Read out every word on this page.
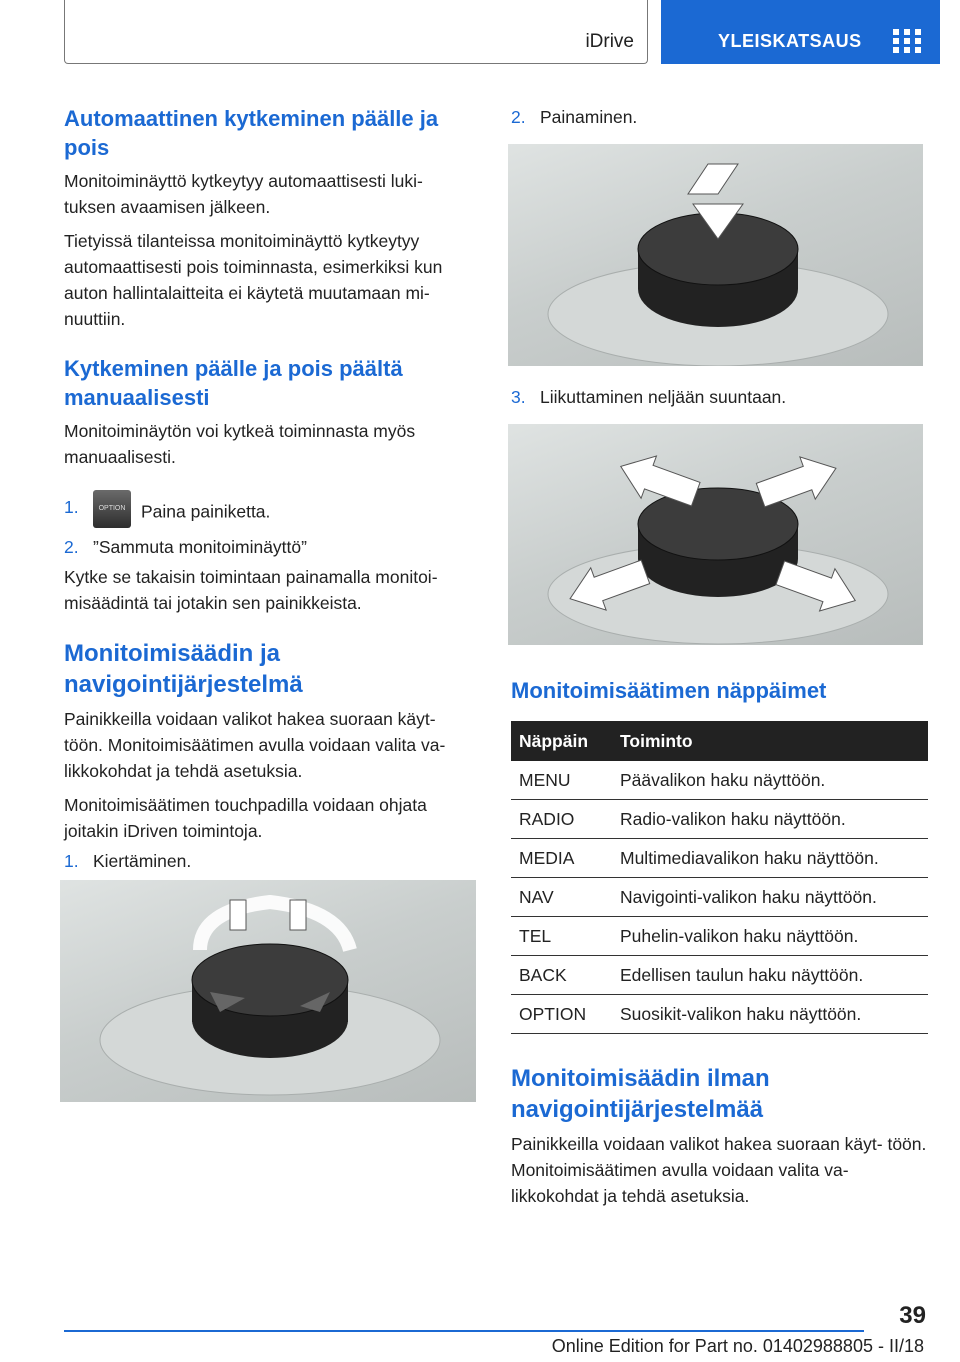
iDrive	YLEISKATSAUS
Automaattinen kytkeminen päälle ja pois

Monitoiminäyttö kytkeytyy automaattisesti luki- tuksen avaamisen jälkeen.

Tietyissä tilanteissa monitoiminäyttö kytkeytyy automaattisesti pois toiminnasta, esimerkiksi kun auton hallintalaitteita ei käytetä muutamaan mi- nuuttiin.

Kytkeminen päälle ja pois päältä manuaalisesti

Monitoiminäytön voi kytkeä toiminnasta myös manuaalisesti.

1.	OPTION Paina painiketta.
2. ”Sammuta monitoiminäyttö”

Kytke se takaisin toimintaan painamalla monitoi- misäädintä tai jotakin sen painikkeista.

Monitoimisäädin ja navigointijärjestelmä

Painikkeilla voidaan valikot hakea suoraan käyt- töön. Monitoimisäätimen avulla voidaan valita va- likkokohdat ja tehdä asetuksia.

Monitoimisäätimen touchpadilla voidaan ohjata joitakin iDriven toimintoja.

1. Kiertäminen.
2. Painaminen.
3. Liikuttaminen neljään suuntaan.
Monitoimisäätimen näppäimet
Näppäin	Toiminto
MENU	Päävalikon haku näyttöön.
RADIO	Radio-valikon haku näyttöön.
MEDIA	Multimediavalikon haku näyttöön.
NAV	Navigointi-valikon haku näyttöön.
TEL	Puhelin-valikon haku näyttöön.
BACK	Edellisen taulun haku näyttöön.
OPTION	Suosikit-valikon haku näyttöön.
Monitoimisäädin ilman navigointijärjestelmää

Painikkeilla voidaan valikot hakea suoraan käyt- töön. Monitoimisäätimen avulla voidaan valita va- likkokohdat ja tehdä asetuksia.

39
Online Edition for Part no. 01402988805 - II/18
